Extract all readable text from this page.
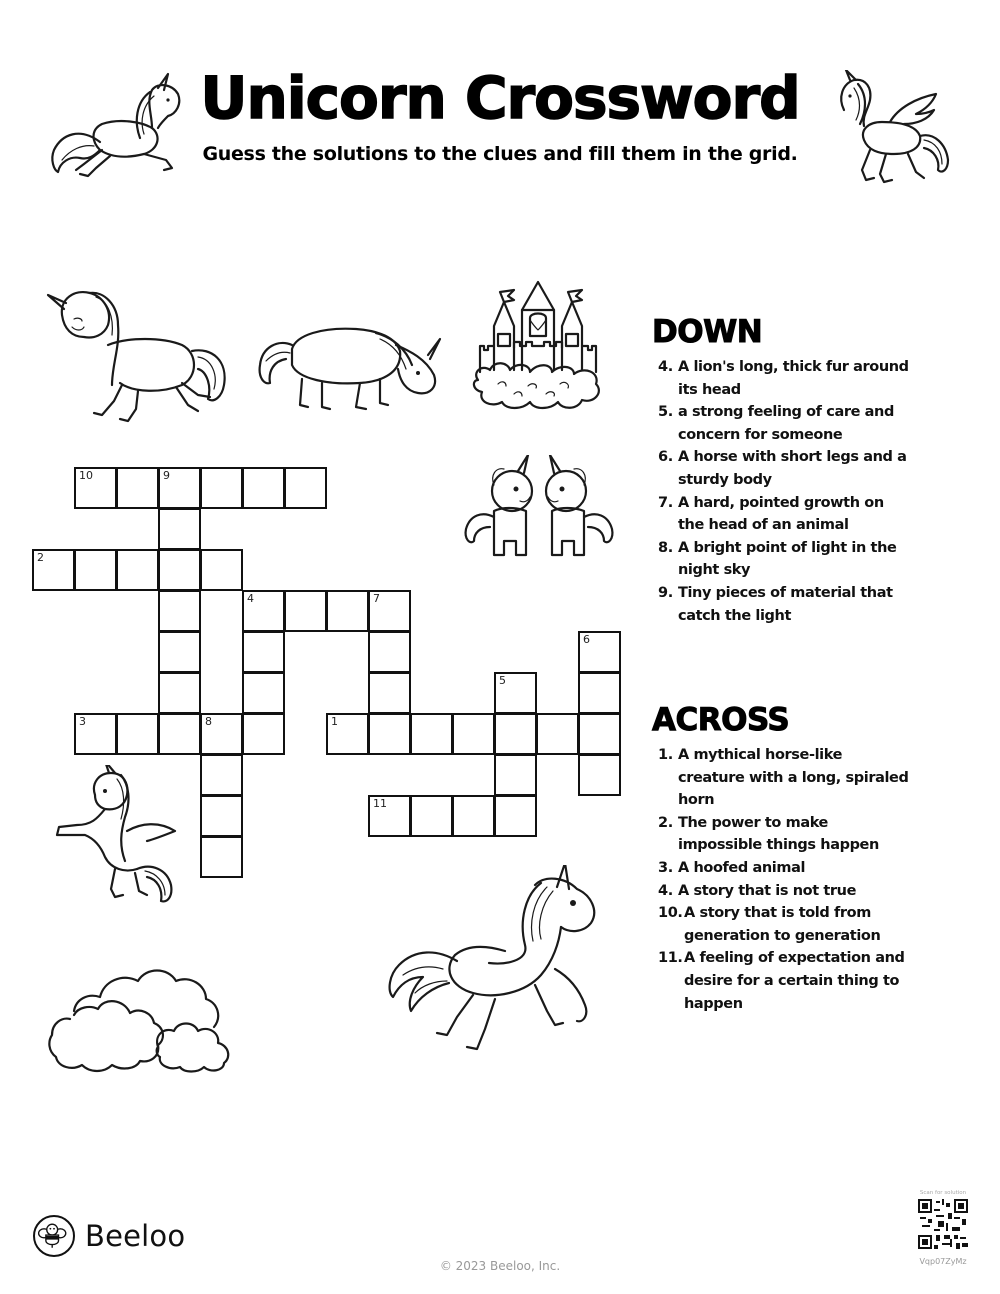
Unicorn Crossword
Guess the solutions to the clues and fill them in the grid.
10	9
2
4	7
6
5
3	8	1
11
DOWN
4. A lion's long, thick fur around its head
5. a strong feeling of care and concern for someone
6. A horse with short legs and a sturdy body
7. A hard, pointed growth on the head of an animal
8. A bright point of light in the night sky
9. Tiny pieces of material that catch the light
ACROSS
1. A mythical horse-like creature with a long, spiraled horn
2. The power to make impossible things happen
3. A hoofed animal
4. A story that is not true
10. A story that is told from generation to generation
11. A feeling of expectation and desire for a certain thing to happen
Beeloo
© 2023 Beeloo, Inc.
Scan for solution
Vqp07ZyMz
